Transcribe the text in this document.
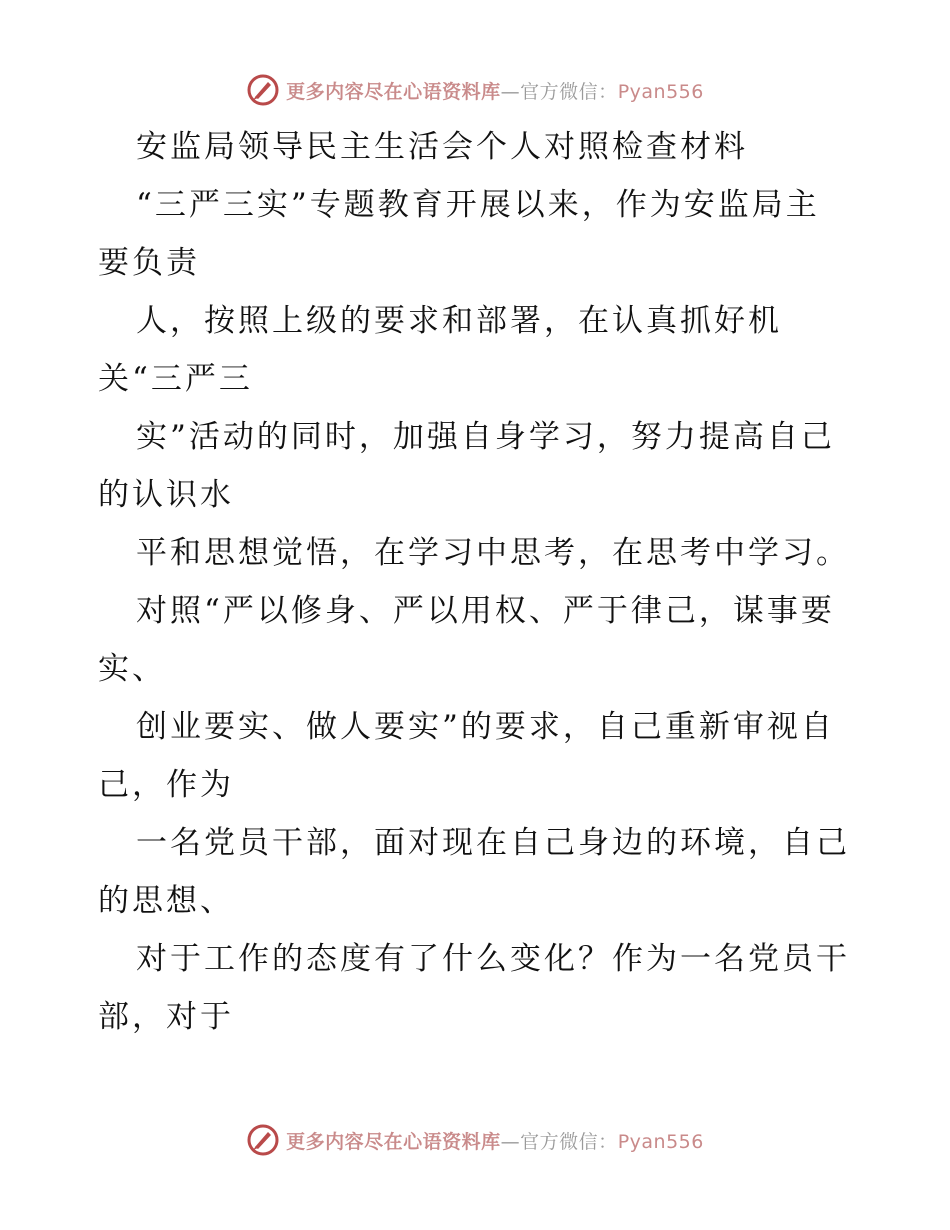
更多内容尽在心语资料库—官方微信：Pyan556
安监局领导民主生活会个人对照检查材料
“三严三实”专题教育开展以来，作为安监局主
要负责
人，按照上级的要求和部署，在认真抓好机
关“三严三
实”活动的同时，加强自身学习，努力提高自己
的认识水
平和思想觉悟，在学习中思考，在思考中学习。
对照“严以修身、严以用权、严于律己，谋事要
实、
创业要实、做人要实”的要求，自己重新审视自
己，作为
一名党员干部，面对现在自己身边的环境，自己
的思想、
对于工作的态度有了什么变化？作为一名党员干
部，对于
更多内容尽在心语资料库—官方微信：Pyan556
